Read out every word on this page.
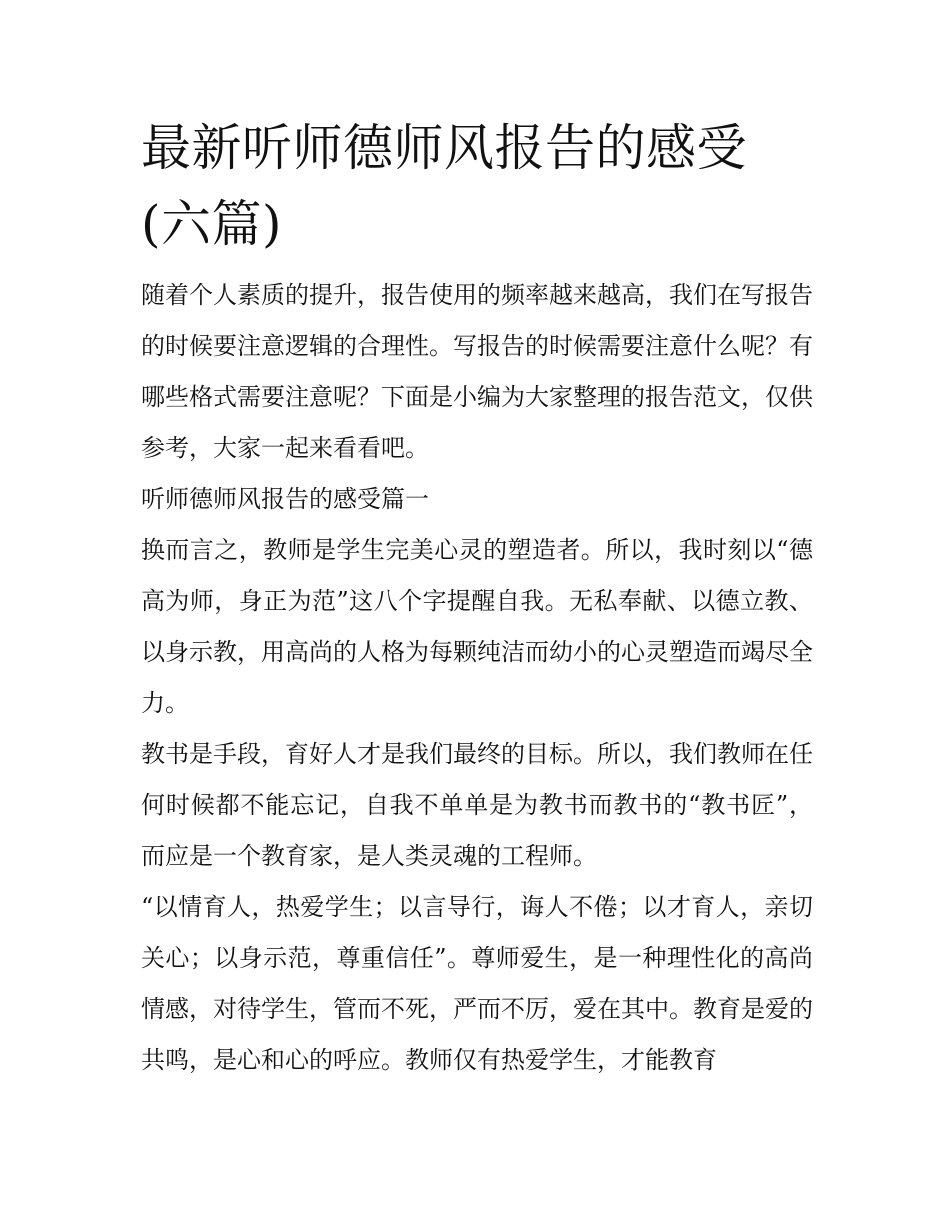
最新听师德师风报告的感受(六篇)

随着个人素质的提升，报告使用的频率越来越高，我们在写报告的时候要注意逻辑的合理性。写报告的时候需要注意什么呢？有哪些格式需要注意呢？下面是小编为大家整理的报告范文，仅供参考，大家一起来看看吧。

听师德师风报告的感受篇一

换而言之，教师是学生完美心灵的塑造者。所以，我时刻以“德高为师，身正为范”这八个字提醒自我。无私奉献、以德立教、以身示教，用高尚的人格为每颗纯洁而幼小的心灵塑造而竭尽全力。

教书是手段，育好人才是我们最终的目标。所以，我们教师在任何时候都不能忘记，自我不单单是为教书而教书的“教书匠”，而应是一个教育家，是人类灵魂的工程师。

“以情育人，热爱学生；以言导行，诲人不倦；以才育人，亲切关心；以身示范，尊重信任”。尊师爱生，是一种理性化的高尚情感，对待学生，管而不死，严而不厉，爱在其中。教育是爱的共鸣，是心和心的呼应。教师仅有热爱学生，才能教育
